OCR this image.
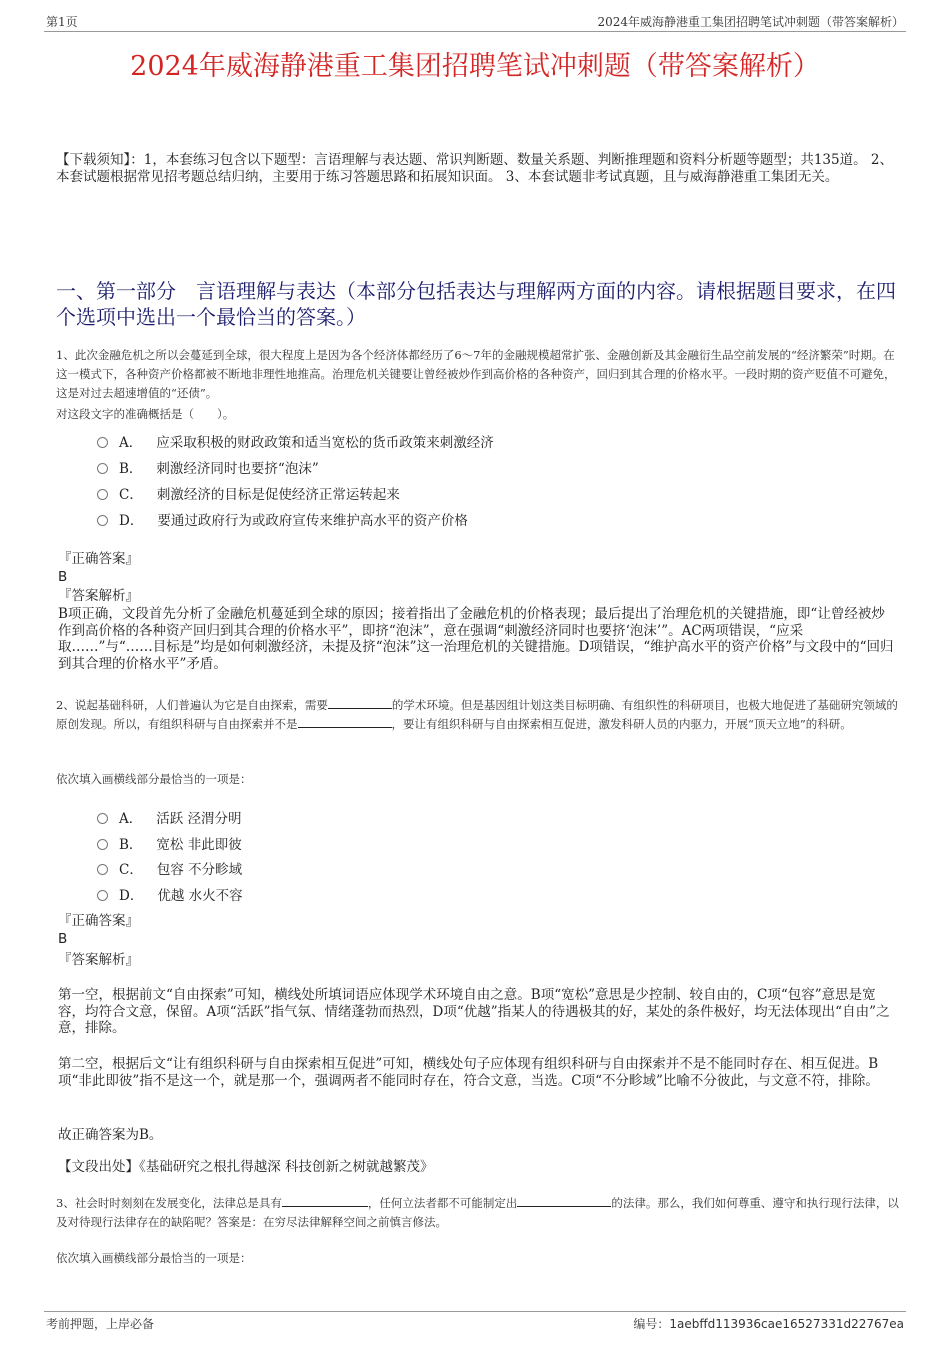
第1页	2024年威海静港重工集团招聘笔试冲刺题（带答案解析）
2024年威海静港重工集团招聘笔试冲刺题（带答案解析）
【下载须知】：1，本套练习包含以下题型：言语理解与表达题、常识判断题、数量关系题、判断推理题和资料分析题等题型；共135道。 2、本套试题根据常见招考题总结归纳，主要用于练习答题思路和拓展知识面。 3、本套试题非考试真题，且与威海静港重工集团无关。
一、第一部分　言语理解与表达（本部分包括表达与理解两方面的内容。请根据题目要求，在四个选项中选出一个最恰当的答案。）
1、此次金融危机之所以会蔓延到全球，很大程度上是因为各个经济体都经历了6～7年的金融规模超常扩张、金融创新及其金融衍生品空前发展的“经济繁荣”时期。在这一模式下，各种资产价格都被不断地非理性地推高。治理危机关键要让曾经被炒作到高价格的各种资产，回归到其合理的价格水平。一段时期的资产贬值不可避免，这是对过去超速增值的“还债”。
对这段文字的准确概括是（　　）。
A． 应采取积极的财政政策和适当宽松的货币政策来刺激经济
B． 刺激经济同时也要挤“泡沫”
C． 刺激经济的目标是促使经济正常运转起来
D． 要通过政府行为或政府宣传来维护高水平的资产价格
『正确答案』
B
『答案解析』
B项正确，文段首先分析了金融危机蔓延到全球的原因；接着指出了金融危机的价格表现；最后提出了治理危机的关键措施，即“让曾经被炒作到高价格的各种资产回归到其合理的价格水平”，即挤“泡沫”，意在强调“刺激经济同时也要挤‘泡沫’”。AC两项错误，“应采取……”与“……目标是”均是如何刺激经济，未提及挤“泡沫”这一治理危机的关键措施。D项错误，“维护高水平的资产价格”与文段中的“回归到其合理的价格水平”矛盾。
2、说起基础科研，人们普遍认为它是自由探索，需要	的学术环境。但是基因组计划这类目标明确、有组织性的科研项目，也极大地促进了基础研究领域的原创发现。所以，有组织科研与自由探索并不是	，要让有组织科研与自由探索相互促进，激发科研人员的内驱力，开展“顶天立地”的科研。
依次填入画横线部分最恰当的一项是：
A． 活跃 泾渭分明
B． 宽松 非此即彼
C． 包容 不分畛域
D． 优越 水火不容
『正确答案』
B
『答案解析』
第一空，根据前文“自由探索”可知，横线处所填词语应体现学术环境自由之意。B项“宽松”意思是少控制、较自由的，C项“包容”意思是宽容，均符合文意，保留。A项“活跃”指气氛、情绪蓬勃而热烈，D项“优越”指某人的待遇极其的好，某处的条件极好，均无法体现出“自由”之意，排除。
第二空，根据后文“让有组织科研与自由探索相互促进”可知，横线处句子应体现有组织科研与自由探索并不是不能同时存在、相互促进。B项“非此即彼”指不是这一个，就是那一个，强调两者不能同时存在，符合文意，当选。C项“不分畛域”比喻不分彼此，与文意不符，排除。
故正确答案为B。
【文段出处】《基础研究之根扎得越深 科技创新之树就越繁茂》
3、社会时时刻刻在发展变化，法律总是具有	，任何立法者都不可能制定出	的法律。那么，我们如何尊重、遵守和执行现行法律，以及对待现行法律存在的缺陷呢？答案是：在穷尽法律解释空间之前慎言修法。
依次填入画横线部分最恰当的一项是：
考前押题，上岸必备	编号：1aebffd113936cae16527331d22767ea
